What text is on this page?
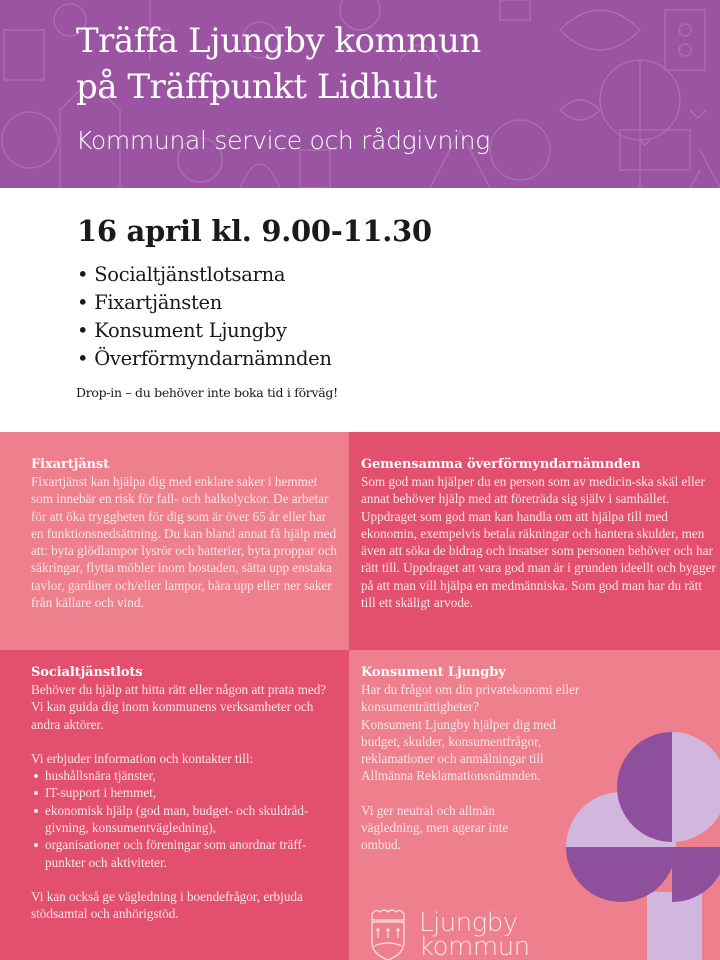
Träffa Ljungby kommun
på Träffpunkt Lidhult
Kommunal service och rådgivning
16 april kl. 9.00-11.30
• Socialtjänstlotsarna
• Fixartjänsten
• Konsument Ljungby
• Överförmyndarnämnden
Drop-in – du behöver inte boka tid i förväg!
Fixartjänst
Fixartjänst kan hjälpa dig med enklare saker i hemmet som innebär en risk för fall- och halkolyckor. De arbetar för att öka tryggheten för dig som är över 65 år eller har en funktionsnedsättning. Du kan bland annat få hjälp med att: byta glödlampor lysrör och batterier, byta proppar och säkringar, flytta möbler inom bostaden, sätta upp enstaka tavlor, gardiner och/eller lampor, bära upp eller ner saker från källare och vind.
Gemensamma överförmyndarnämnden
Som god man hjälper du en person som av medicin-ska skäl eller annat behöver hjälp med att företräda sig själv i samhället. Uppdraget som god man kan handla om att hjälpa till med ekonomin, exempelvis betala räkningar och hantera skulder, men även att söka de bidrag och insatser som personen behöver och har rätt till. Uppdraget att vara god man är i grunden ideellt och bygger på att man vill hjälpa en medmänniska. Som god man har du rätt till ett skäligt arvode.
Socialtjänstlots

Behöver du hjälp att hitta rätt eller någon att prata med? Vi kan guida dig inom kommunens verksamheter och andra aktörer.

Vi erbjuder information och kontakter till:

hushållsnära tjänster,
IT-support i hemmet,
ekonomisk hjälp (god man, budget- och skuldråd-givning, konsumentvägledning),
organisationer och föreningar som anordnar träff-punkter och aktiviteter.

Vi kan också ge vägledning i boendefrågor, erbjuda stödsamtal och anhörigstöd.

Konsument Ljungby

Har du frågot om din privatekonomi eller konsumenträttigheter?

Konsument Ljungby hjälper dig med budget, skulder, konsumentfrågor, reklamationer och anmälningar till Allmänna Reklamationsnämnden.

Vi ger neutral och allmän vägledning, men agerar inte ombud.

Ljungby
kommun
